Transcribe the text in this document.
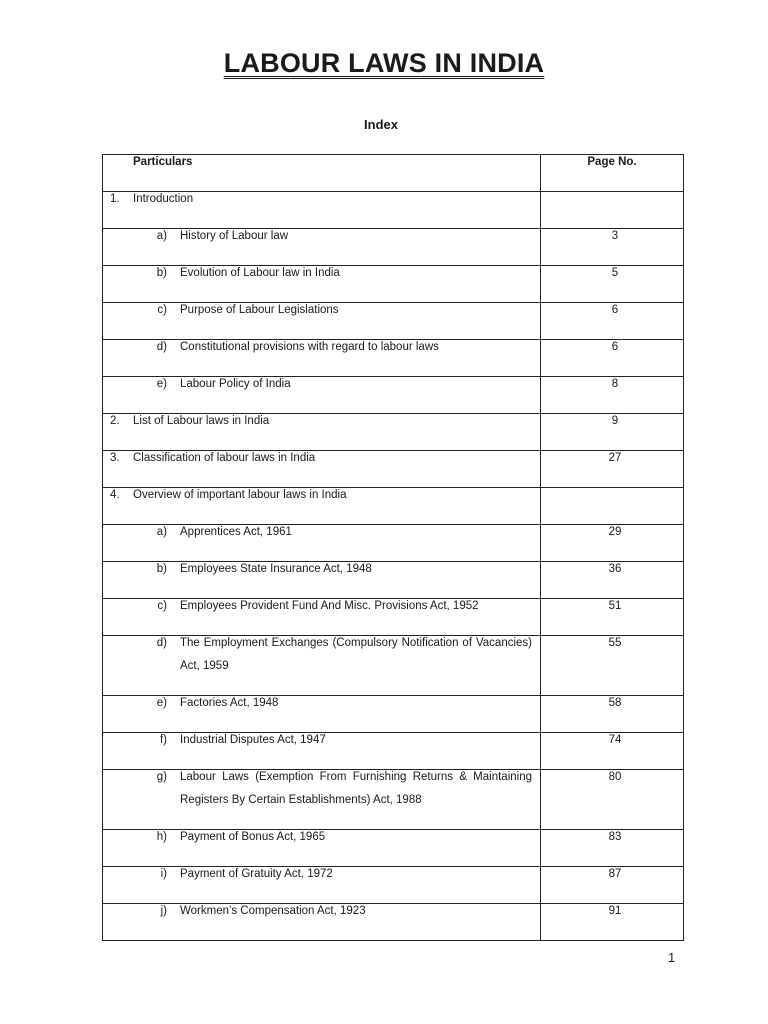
LABOUR LAWS IN INDIA
Index
Particulars	Page No.

1. Introduction	

a) History of Labour law	3

b) Evolution of Labour law in India	5

c) Purpose of Labour Legislations	6

d) Constitutional provisions with regard to labour laws	6

e) Labour Policy of India	8

2. List of Labour laws in India	9

3. Classification of labour laws in India	27

4. Overview of important labour laws in India	

a) Apprentices Act, 1961	29

b) Employees State Insurance Act, 1948	36

c) Employees Provident Fund And Misc. Provisions Act, 1952	51

d) The Employment Exchanges (Compulsory Notification of Vacancies) Act, 1959	55

e) Factories Act, 1948	58

f) Industrial Disputes Act, 1947	74

g) Labour Laws (Exemption From Furnishing Returns & Maintaining Registers By Certain Establishments) Act, 1988	80

h) Payment of Bonus Act, 1965	83

i) Payment of Gratuity Act, 1972	87

j) Workmen’s Compensation Act, 1923	91
1
